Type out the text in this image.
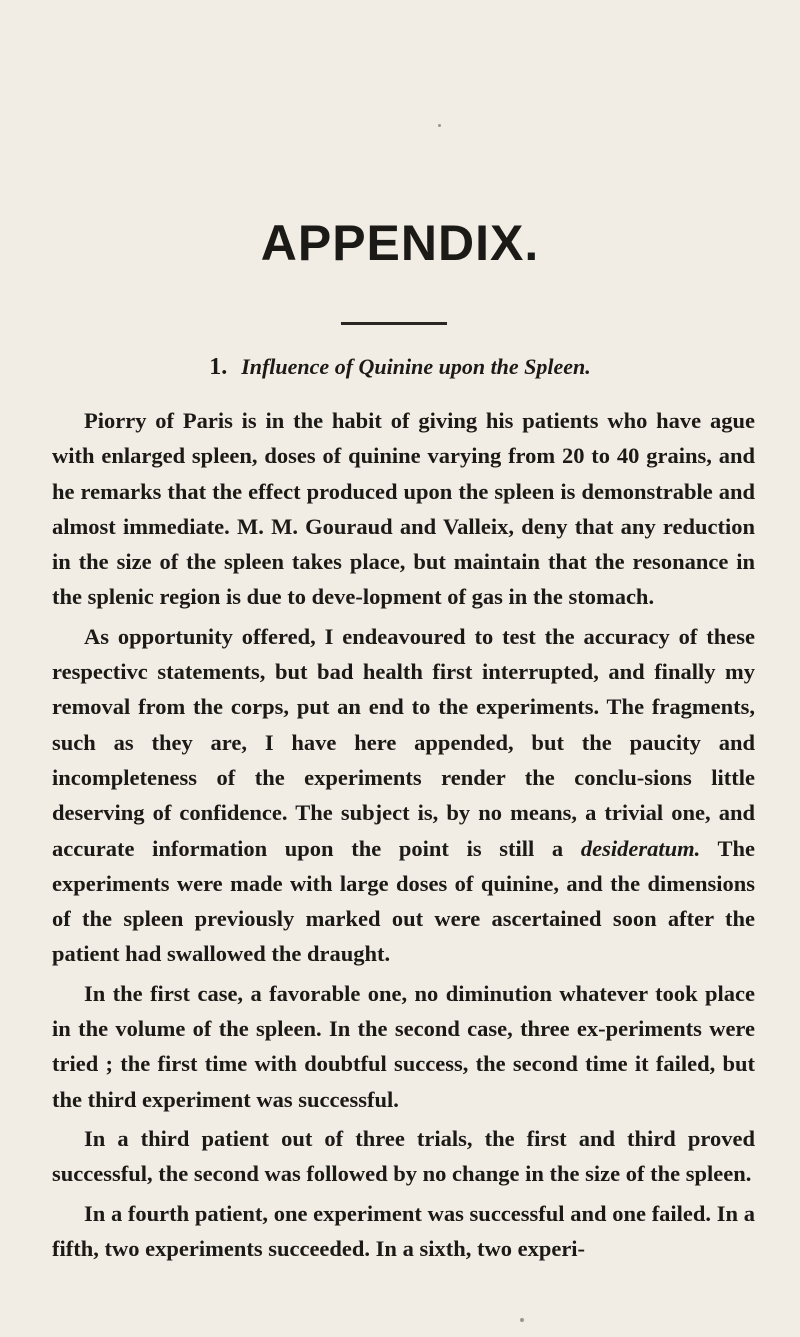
APPENDIX.
1. Influence of Quinine upon the Spleen.

Piorry of Paris is in the habit of giving his patients who have ague with enlarged spleen, doses of quinine varying from 20 to 40 grains, and he remarks that the effect produced upon the spleen is demonstrable and almost immediate. M. M. Gouraud and Valleix, deny that any reduction in the size of the spleen takes place, but maintain that the resonance in the splenic region is due to deve-lopment of gas in the stomach.

As opportunity offered, I endeavoured to test the accuracy of these respectivc statements, but bad health first interrupted, and finally my removal from the corps, put an end to the experiments. The fragments, such as they are, I have here appended, but the paucity and incompleteness of the experiments render the conclu-sions little deserving of confidence. The subject is, by no means, a trivial one, and accurate information upon the point is still a desideratum. The experiments were made with large doses of quinine, and the dimensions of the spleen previously marked out were ascertained soon after the patient had swallowed the draught.

In the first case, a favorable one, no diminution whatever took place in the volume of the spleen. In the second case, three ex-periments were tried ; the first time with doubtful success, the second time it failed, but the third experiment was successful.

In a third patient out of three trials, the first and third proved successful, the second was followed by no change in the size of the spleen.

In a fourth patient, one experiment was successful and one failed. In a fifth, two experiments succeeded. In a sixth, two experi-
